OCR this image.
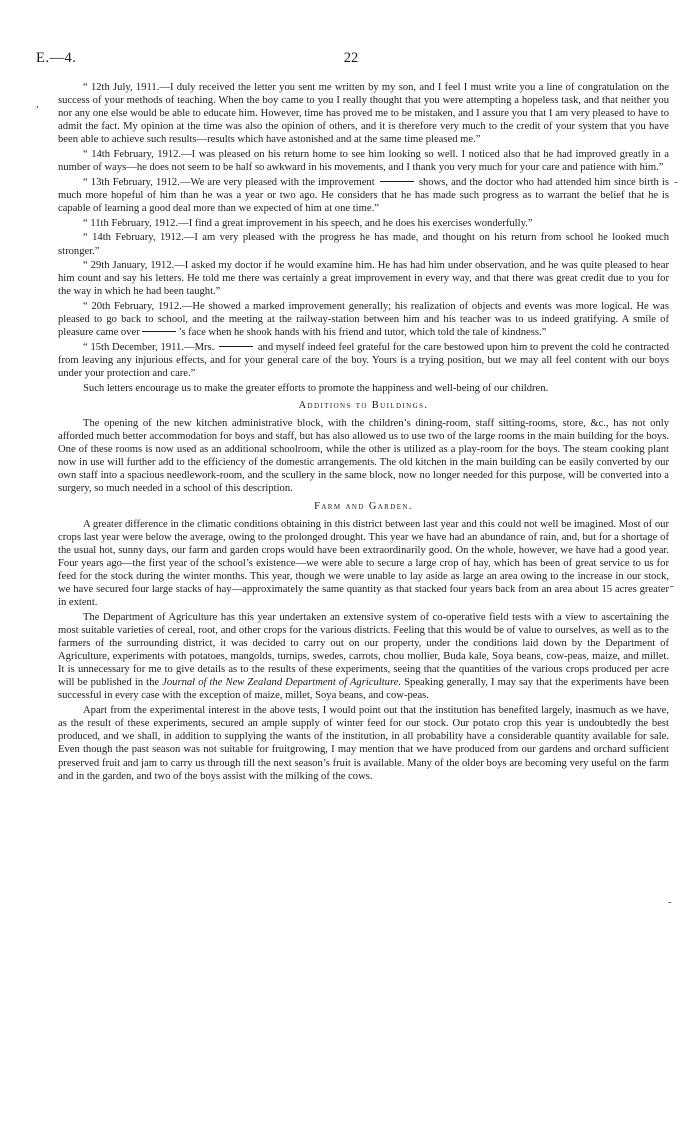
E.—4.	22

“ 12th July, 1911.—I duly received the letter you sent me written by my son, and I feel I must write you a line of congratulation on the success of your methods of teaching. When the boy came to you I really thought that you were attempting a hopeless task, and that neither you nor any one else would be able to educate him. However, time has proved me to be mistaken, and I assure you that I am very pleased to have to admit the fact. My opinion at the time was also the opinion of others, and it is therefore very much to the credit of your system that you have been able to achieve such results—results which have astonished and at the same time pleased me.”

“ 14th February, 1912.—I was pleased on his return home to see him looking so well. I noticed also that he had improved greatly in a number of ways—he does not seem to be half so awkward in his movements, and I thank you very much for your care and patience with him.”

“ 13th February, 1912.—We are very pleased with the improvement	shows, and the doctor who had attended him since birth is much more hopeful of him than he was a year or two ago. He considers that he has made such progress as to warrant the belief that he is capable of learning a good deal more than we expected of him at one time.”

“ 11th February, 1912.—I find a great improvement in his speech, and he does his exercises wonderfully.”

“ 14th February, 1912.—I am very pleased with the progress he has made, and thought on his return from school he looked much stronger.”

“ 29th January, 1912.—I asked my doctor if he would examine him. He has had him under observation, and he was quite pleased to hear him count and say his letters. He told me there was certainly a great improvement in every way, and that there was great credit due to you for the way in which he had been taught.”

“ 20th February, 1912.—He showed a marked improvement generally; his realization of objects and events was more logical. He was pleased to go back to school, and the meeting at the railway-station between him and his teacher was to us indeed gratifying. A smile of pleasure came over	’s face when he shook hands with his friend and tutor, which told the tale of kindness.”

“ 15th December, 1911.—Mrs.	and myself indeed feel grateful for the care bestowed upon him to prevent the cold he contracted from leaving any injurious effects, and for your general care of the boy. Yours is a trying position, but we may all feel content with our boys under your protection and care.”

Such letters encourage us to make the greater efforts to promote the happiness and well-being of our children.

Additions to Buildings.

The opening of the new kitchen administrative block, with the children’s dining-room, staff sitting-rooms, store, &c., has not only afforded much better accommodation for boys and staff, but has also allowed us to use two of the large rooms in the main building for the boys. One of these rooms is now used as an additional schoolroom, while the other is utilized as a play-room for the boys. The steam cooking plant now in use will further add to the efficiency of the domestic arrangements. The old kitchen in the main building can be easily converted by our own staff into a spacious needlework-room, and the scullery in the same block, now no longer needed for this purpose, will be converted into a surgery, so much needed in a school of this description.

Farm and Garden.

A greater difference in the climatic conditions obtaining in this district between last year and this could not well be imagined. Most of our crops last year were below the average, owing to the prolonged drought. This year we have had an abundance of rain, and, but for a shortage of the usual hot, sunny days, our farm and garden crops would have been extraordinarily good. On the whole, however, we have had a good year. Four years ago—the first year of the school’s existence—we were able to secure a large crop of hay, which has been of great service to us for feed for the stock during the winter months. This year, though we were unable to lay aside as large an area owing to the increase in our stock, we have secured four large stacks of hay—approximately the same quantity as that stacked four years back from an area about 15 acres greater in extent.

The Department of Agriculture has this year undertaken an extensive system of co-operative field tests with a view to ascertaining the most suitable varieties of cereal, root, and other crops for the various districts. Feeling that this would be of value to ourselves, as well as to the farmers of the surrounding district, it was decided to carry out on our property, under the conditions laid down by the Department of Agriculture, experiments with potatoes, mangolds, turnips, swedes, carrots, chou mollier, Buda kale, Soya beans, cow-peas, maize, and millet. It is unnecessary for me to give details as to the results of these experiments, seeing that the quantities of the various crops produced per acre will be published in the Journal of the New Zealand Department of Agriculture. Speaking generally, I may say that the experiments have been successful in every case with the exception of maize, millet, Soya beans, and cow-peas.

Apart from the experimental interest in the above tests, I would point out that the institution has benefited largely, inasmuch as we have, as the result of these experiments, secured an ample supply of winter feed for our stock. Our potato crop this year is undoubtedly the best produced, and we shall, in addition to supplying the wants of the institution, in all probability have a considerable quantity available for sale. Even though the past season was not suitable for fruitgrowing, I may mention that we have produced from our gardens and orchard sufficient preserved fruit and jam to carry us through till the next season’s fruit is available. Many of the older boys are becoming very useful on the farm and in the garden, and two of the boys assist with the milking of the cows.

,
-
-
-
